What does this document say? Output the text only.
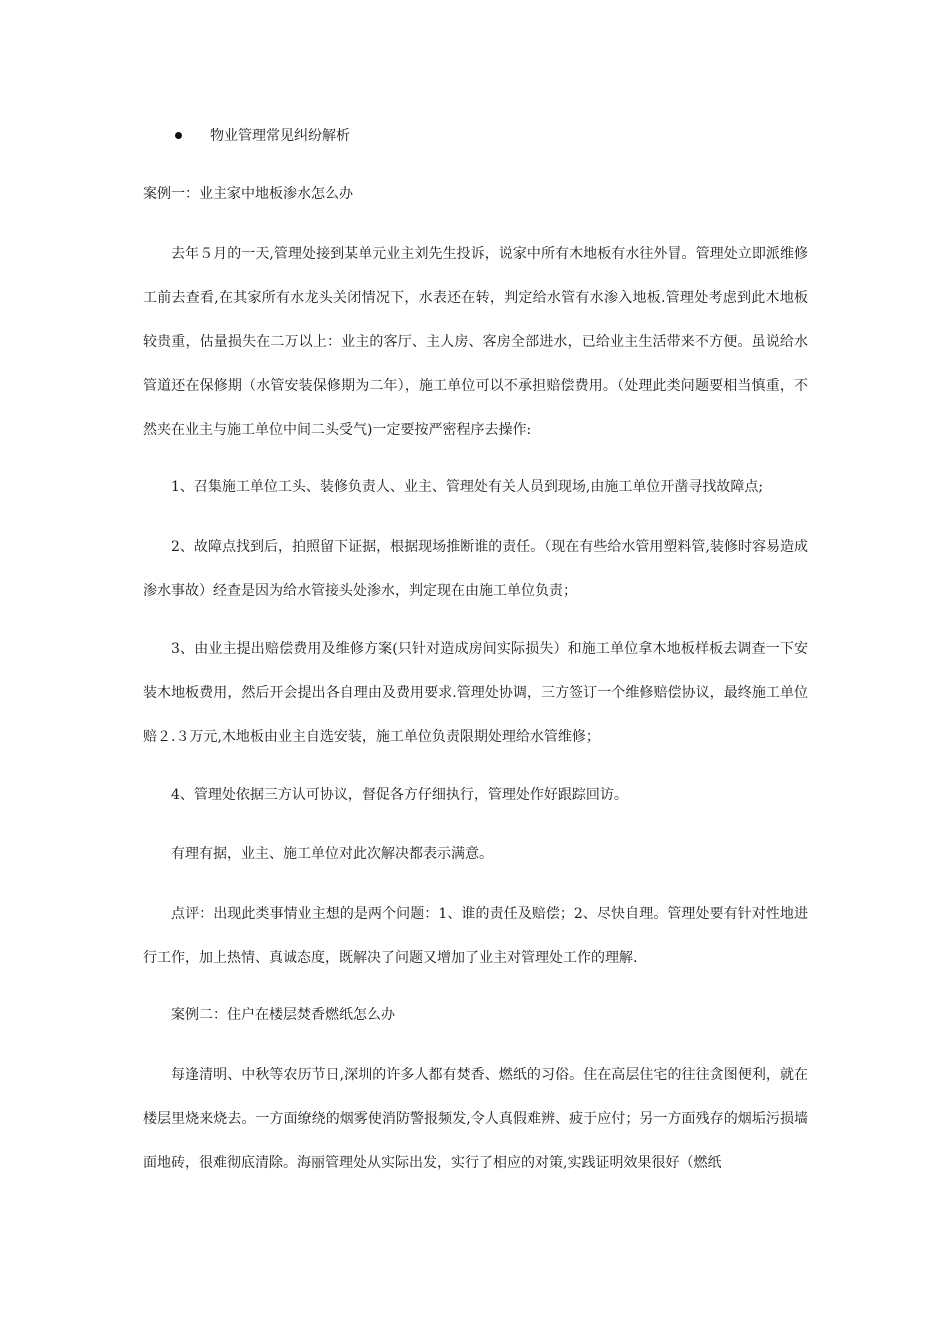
物业管理常见纠纷解析

案例一：业主家中地板渗水怎么办

去年５月的一天,管理处接到某单元业主刘先生投诉，说家中所有木地板有水往外冒。管理处立即派维修工前去查看,在其家所有水龙头关闭情况下，水表还在转，判定给水管有水渗入地板.管理处考虑到此木地板较贵重，估量损失在二万以上：业主的客厅、主人房、客房全部进水，已给业主生活带来不方便。虽说给水管道还在保修期（水管安装保修期为二年），施工单位可以不承担赔偿费用。（处理此类问题要相当慎重，不然夹在业主与施工单位中间二头受气)一定要按严密程序去操作:

1、召集施工单位工头、装修负责人、业主、管理处有关人员到现场,由施工单位开凿寻找故障点;

2、故障点找到后，拍照留下证据，根据现场推断谁的责任。（现在有些给水管用塑料管,装修时容易造成渗水事故）经查是因为给水管接头处渗水，判定现在由施工单位负责；

3、由业主提出赔偿费用及维修方案(只针对造成房间实际损失）和施工单位拿木地板样板去调查一下安装木地板费用，然后开会提出各自理由及费用要求.管理处协调，三方签订一个维修赔偿协议，最终施工单位赔２.３万元,木地板由业主自选安装，施工单位负责限期处理给水管维修；

4、管理处依据三方认可协议，督促各方仔细执行，管理处作好跟踪回访。

有理有据，业主、施工单位对此次解决都表示满意。

点评：出现此类事情业主想的是两个问题：1、谁的责任及赔偿；2、尽快自理。管理处要有针对性地进行工作，加上热情、真诚态度，既解决了问题又增加了业主对管理处工作的理解.

案例二：住户在楼层焚香燃纸怎么办

每逢清明、中秋等农历节日,深圳的许多人都有焚香、燃纸的习俗。住在高层住宅的往往贪图便利，就在楼层里烧来烧去。一方面缭绕的烟雾使消防警报频发,令人真假难辨、疲于应付；另一方面残存的烟垢污损墙面地砖，很难彻底清除。海丽管理处从实际出发，实行了相应的对策,实践证明效果很好（燃纸
